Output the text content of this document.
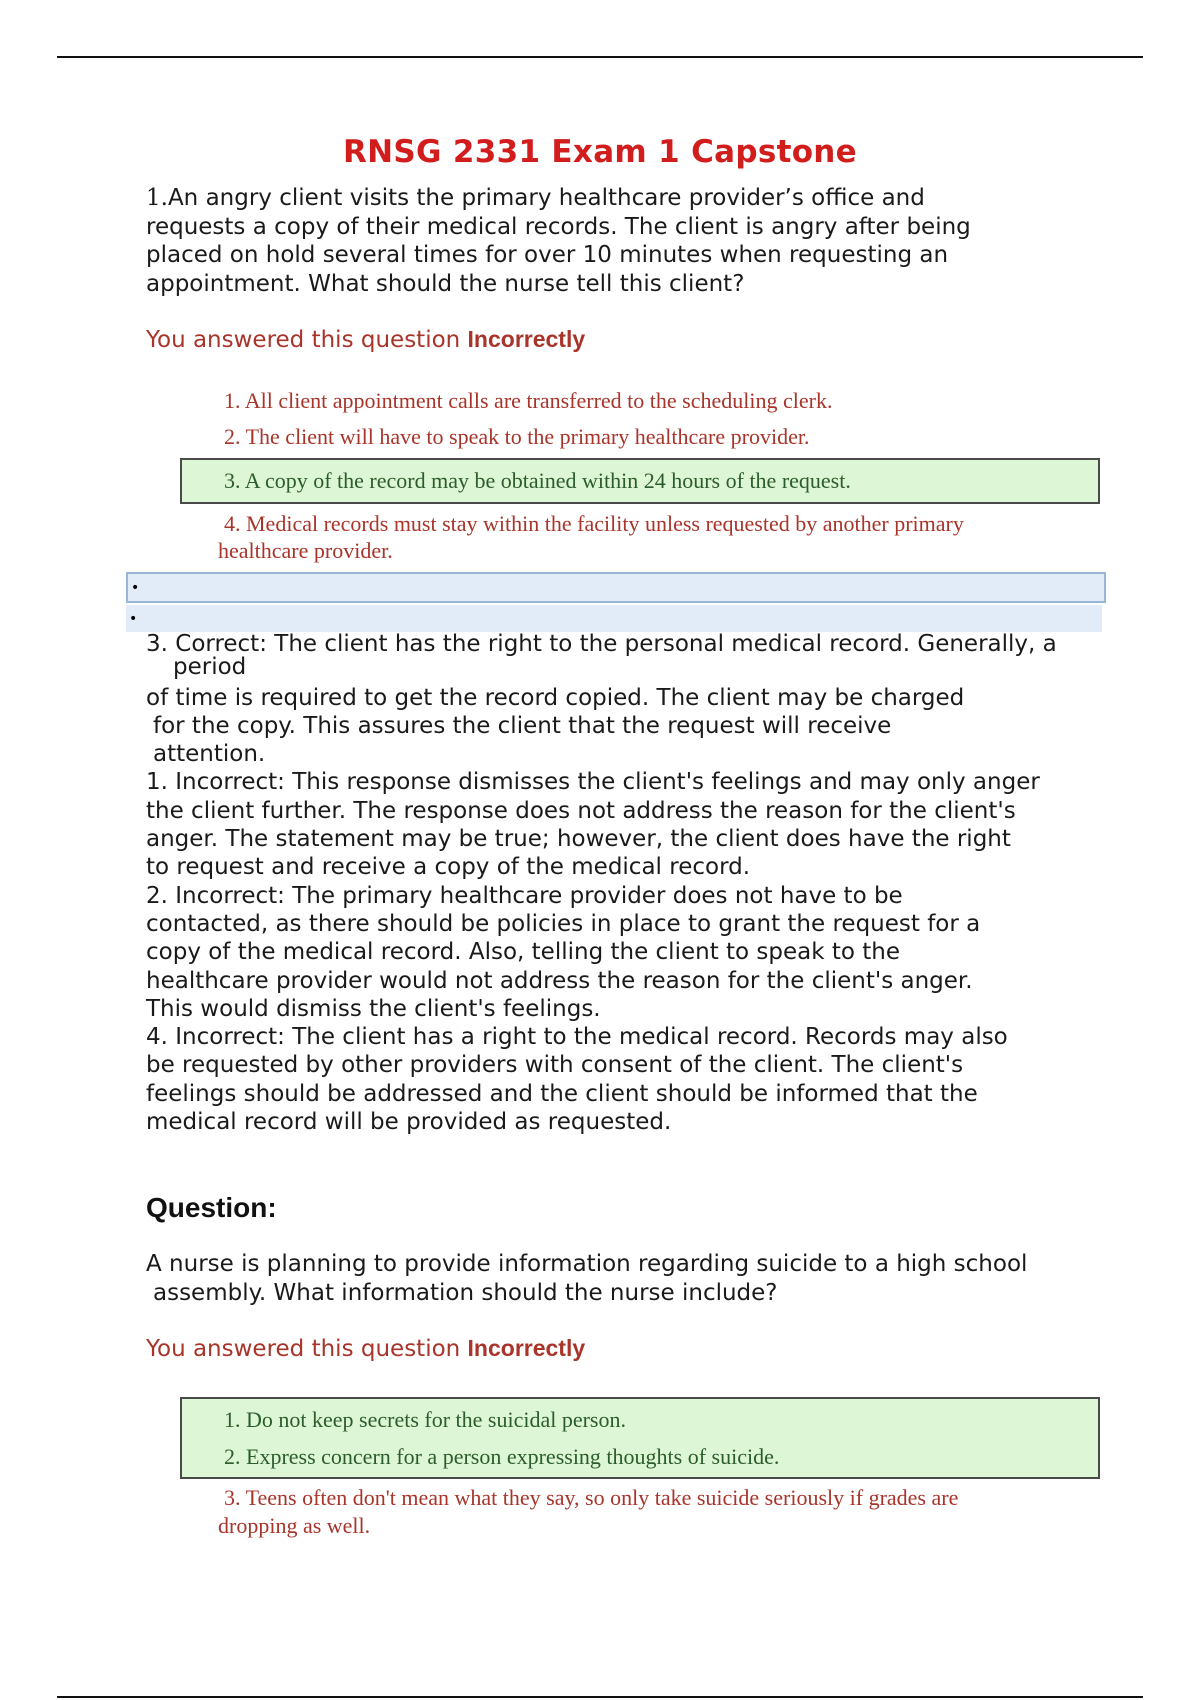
RNSG 2331 Exam 1 Capstone
1.An angry client visits the primary healthcare provider’s office and
requests a copy of their medical records. The client is angry after being
placed on hold several times for over 10 minutes when requesting an
appointment. What should the nurse tell this client?
You answered this question Incorrectly
1. All client appointment calls are transferred to the scheduling clerk.
2. The client will have to speak to the primary healthcare provider.
3. A copy of the record may be obtained within 24 hours of the request.
4. Medical records must stay within the facility unless requested by another primary
healthcare provider.
•
•
3. Correct: The client has the right to the personal medical record. Generally, a
period
of time is required to get the record copied. The client may be charged
for the copy. This assures the client that the request will receive
attention.
1. Incorrect: This response dismisses the client's feelings and may only anger
the client further. The response does not address the reason for the client's
anger. The statement may be true; however, the client does have the right
to request and receive a copy of the medical record.
2. Incorrect: The primary healthcare provider does not have to be
contacted, as there should be policies in place to grant the request for a
copy of the medical record. Also, telling the client to speak to the
healthcare provider would not address the reason for the client's anger.
This would dismiss the client's feelings.
4. Incorrect: The client has a right to the medical record. Records may also
be requested by other providers with consent of the client. The client's
feelings should be addressed and the client should be informed that the
medical record will be provided as requested.
Question:
A nurse is planning to provide information regarding suicide to a high school
assembly. What information should the nurse include?
You answered this question Incorrectly
1. Do not keep secrets for the suicidal person.
2. Express concern for a person expressing thoughts of suicide.
3. Teens often don't mean what they say, so only take suicide seriously if grades are
dropping as well.
